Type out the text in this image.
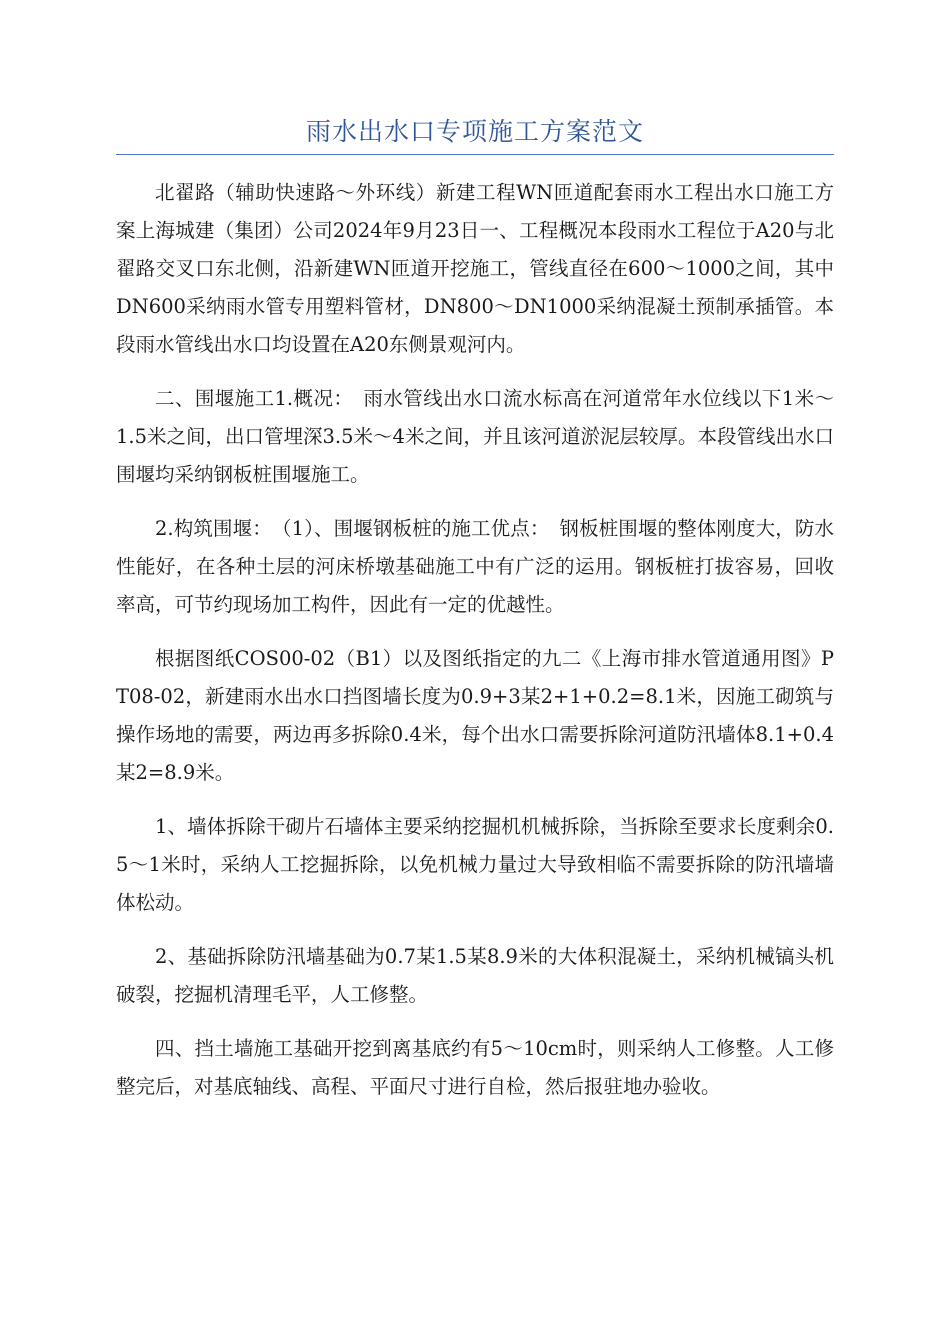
雨水出水口专项施工方案范文

北翟路（辅助快速路～外环线）新建工程WN匝道配套雨水工程出水口施工方案上海城建（集团）公司2024年9月23日一、工程概况本段雨水工程位于A20与北翟路交叉口东北侧，沿新建WN匝道开挖施工，管线直径在600～1000之间，其中DN600采纳雨水管专用塑料管材，DN800～DN1000采纳混凝土预制承插管。本段雨水管线出水口均设置在A20东侧景观河内。

二、围堰施工1.概况：　雨水管线出水口流水标高在河道常年水位线以下1米～1.5米之间，出口管埋深3.5米～4米之间，并且该河道淤泥层较厚。本段管线出水口围堰均采纳钢板桩围堰施工。

2.构筑围堰：　（1）、围堰钢板桩的施工优点：　钢板桩围堰的整体刚度大，防水性能好，在各种土层的河床桥墩基础施工中有广泛的运用。钢板桩打拔容易，回收率高，可节约现场加工构件，因此有一定的优越性。

根据图纸COS00-02（B1）以及图纸指定的九二《上海市排水管道通用图》PT08-02，新建雨水出水口挡图墙长度为0.9+3某2+1+0.2=8.1米，因施工砌筑与操作场地的需要，两边再多拆除0.4米，每个出水口需要拆除河道防汛墙体8.1+0.4某2=8.9米。

1、墙体拆除干砌片石墙体主要采纳挖掘机机械拆除，当拆除至要求长度剩余0.5～1米时，采纳人工挖掘拆除，以免机械力量过大导致相临不需要拆除的防汛墙墙体松动。

2、基础拆除防汛墙基础为0.7某1.5某8.9米的大体积混凝土，采纳机械镐头机破裂，挖掘机清理毛平，人工修整。

四、挡土墙施工基础开挖到离基底约有5～10cm时，则采纳人工修整。人工修整完后，对基底轴线、高程、平面尺寸进行自检，然后报驻地办验收。
